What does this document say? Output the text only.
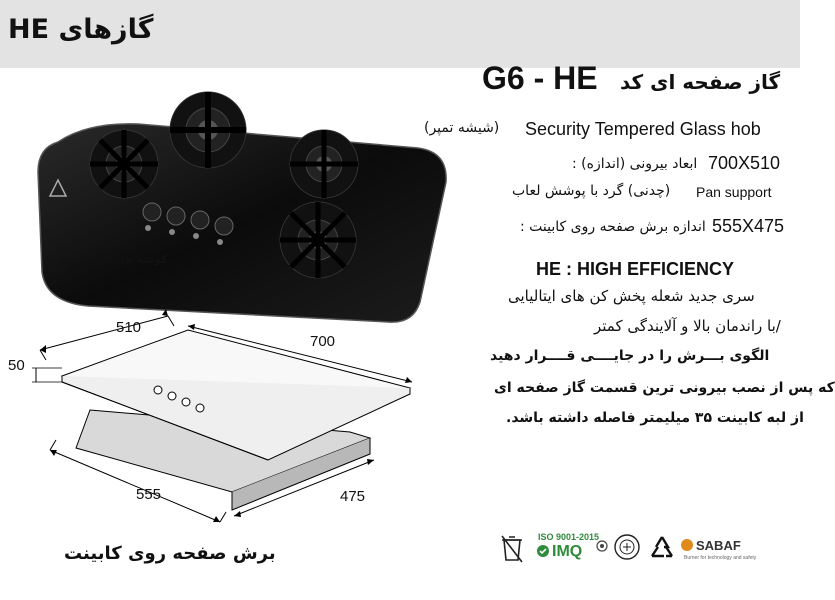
گازهای HE
گاز صفحه ای کد
G6 - HE
گوشه های پخ خورده
Security Tempered Glass hob
(شیشه تمپر)
ابعاد بیرونی (اندازه) : 700X510
Pan support
(چدنی) گرد با پوشش لعاب
اندازه برش صفحه روی کابینت : 555X475
HE : HIGH EFFICIENCY
سری جدید شعله پخش کن های ایتالیایی
/با راندمان بالا و آلایندگی کمتر
الگوی بـــرش را در جایــــی قــــرار دهید
که پس از نصب بیرونی ترین قسمت گاز صفحه ای
از لبه کابینت ۳۵ میلیمتر فاصله داشته باشد.
510
700
50
555	475
برش صفحه روی کابینت
ISO 9001-2015
IMQ	SABAF
Burner for technology and safety
